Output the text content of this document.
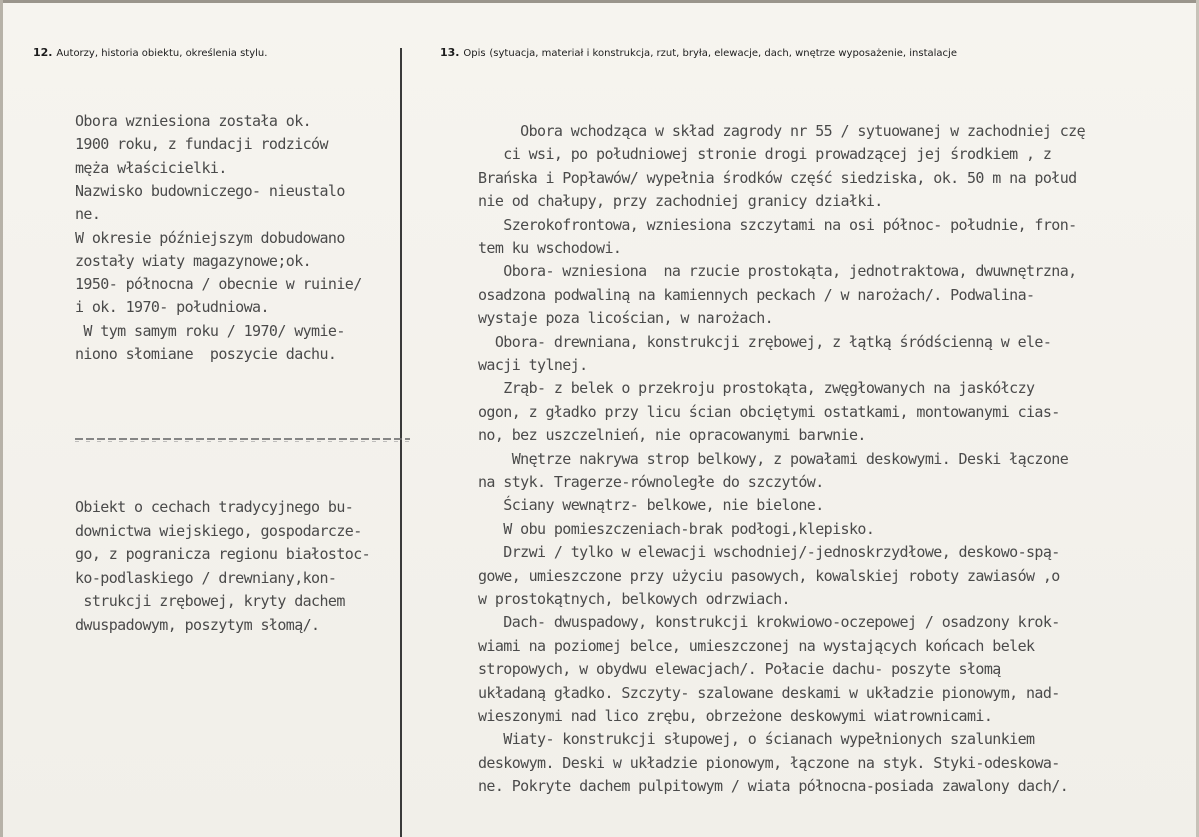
12. Autorzy, historia obiektu, określenia stylu.	13. Opis (sytuacja, materiał i konstrukcja, rzut, bryła, elewacje, dach, wnętrze wyposażenie, instalacje
Obora wzniesiona została ok.
1900 roku, z fundacji rodziców
męża właścicielki.
Nazwisko budowniczego- nieustalo
ne.
W okresie późniejszym dobudowano
zostały wiaty magazynowe;ok.
1950- północna / obecnie w ruinie/
i ok. 1970- południowa.
W tym samym roku / 1970/ wymie-
niono słomiane  poszycie dachu.
Obiekt o cechach tradycyjnego bu-
downictwa wiejskiego, gospodarcze-
go, z pogranicza regionu białostoc-
ko-podlaskiego / drewniany,kon-
strukcji zrębowej, kryty dachem
dwuspadowym, poszytym słomą/.
Obora wchodząca w skład zagrody nr 55 / sytuowanej w zachodniej czę
ci wsi, po południowej stronie drogi prowadzącej jej środkiem , z
Brańska i Popławów/ wypełnia środków część siedziska, ok. 50 m na połud
nie od chałupy, przy zachodniej granicy działki.
Szerokofrontowa, wzniesiona szczytami na osi północ- południe, fron-
tem ku wschodowi.
Obora- wzniesiona  na rzucie prostokąta, jednotraktowa, dwuwnętrzna,
osadzona podwaliną na kamiennych peckach / w narożach/. Podwalina-
wystaje poza licościan, w narożach.
Obora- drewniana, konstrukcji zrębowej, z łątką śródścienną w ele-
wacji tylnej.
Zrąb- z belek o przekroju prostokąta, zwęgłowanych na jaskółczy
ogon, z gładko przy licu ścian obciętymi ostatkami, montowanymi cias-
no, bez uszczelnień, nie opracowanymi barwnie.
Wnętrze nakrywa strop belkowy, z powałami deskowymi. Deski łączone
na styk. Tragerze-równoległe do szczytów.
Ściany wewnątrz- belkowe, nie bielone.
W obu pomieszczeniach-brak podłogi,klepisko.
Drzwi / tylko w elewacji wschodniej/-jednoskrzydłowe, deskowo-spą-
gowe, umieszczone przy użyciu pasowych, kowalskiej roboty zawiasów ,o
w prostokątnych, belkowych odrzwiach.
Dach- dwuspadowy, konstrukcji krokwiowo-oczepowej / osadzony krok-
wiami na poziomej belce, umieszczonej na wystających końcach belek
stropowych, w obydwu elewacjach/. Połacie dachu- poszyte słomą
układaną gładko. Szczyty- szalowane deskami w układzie pionowym, nad-
wieszonymi nad lico zrębu, obrzeżone deskowymi wiatrownicami.
Wiaty- konstrukcji słupowej, o ścianach wypełnionych szalunkiem
deskowym. Deski w układzie pionowym, łączone na styk. Styki-odeskowa-
ne. Pokryte dachem pulpitowym / wiata północna-posiada zawalony dach/.
